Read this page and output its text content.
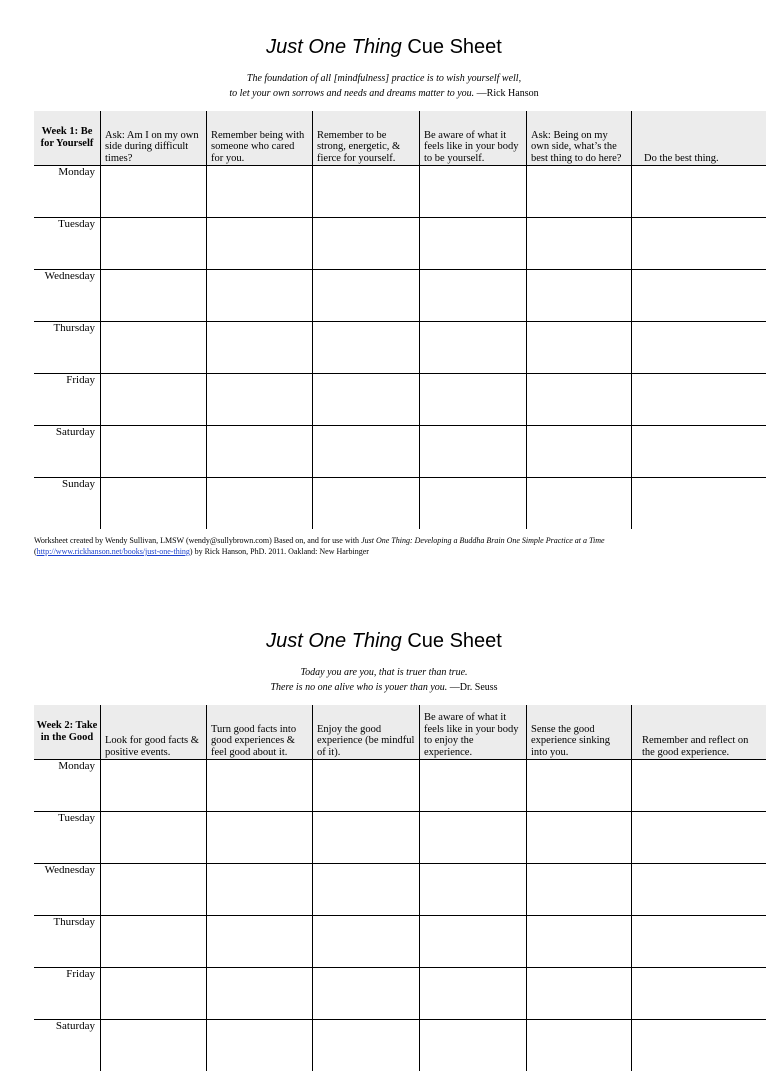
Just One Thing Cue Sheet
The foundation of all [mindfulness] practice is to wish yourself well,
to let your own sorrows and needs and dreams matter to you. —Rick Hanson
Week 1: Be for Yourself
Ask: Am I on my own side during difficult times?
Remember being with someone who cared for you.
Remember to be strong, energetic, & fierce for yourself.
Be aware of what it feels like in your body to be yourself.
Ask: Being on my own side, what’s the best thing to do here?	Do the best thing.
Monday
Tuesday
Wednesday
Thursday
Friday
Saturday
Sunday
Worksheet created by Wendy Sullivan, LMSW (wendy@sullybrown.com) Based on, and for use with Just One Thing: Developing a Buddha Brain One Simple Practice at a Time
(http://www.rickhanson.net/books/just-one-thing) by Rick Hanson, PhD. 2011. Oakland: New Harbinger
Just One Thing Cue Sheet
Today you are you, that is truer than true.
There is no one alive who is youer than you. —Dr. Seuss
Week 2: Take in the Good	Look for good facts & positive events.
Turn good facts into good experiences & feel good about it.
Enjoy the good experience (be mindful of it).
Be aware of what it feels like in your body to enjoy the experience.
Sense the good experience sinking into you.
Remember and reflect on the good experience.
Monday
Tuesday
Wednesday
Thursday
Friday
Saturday
